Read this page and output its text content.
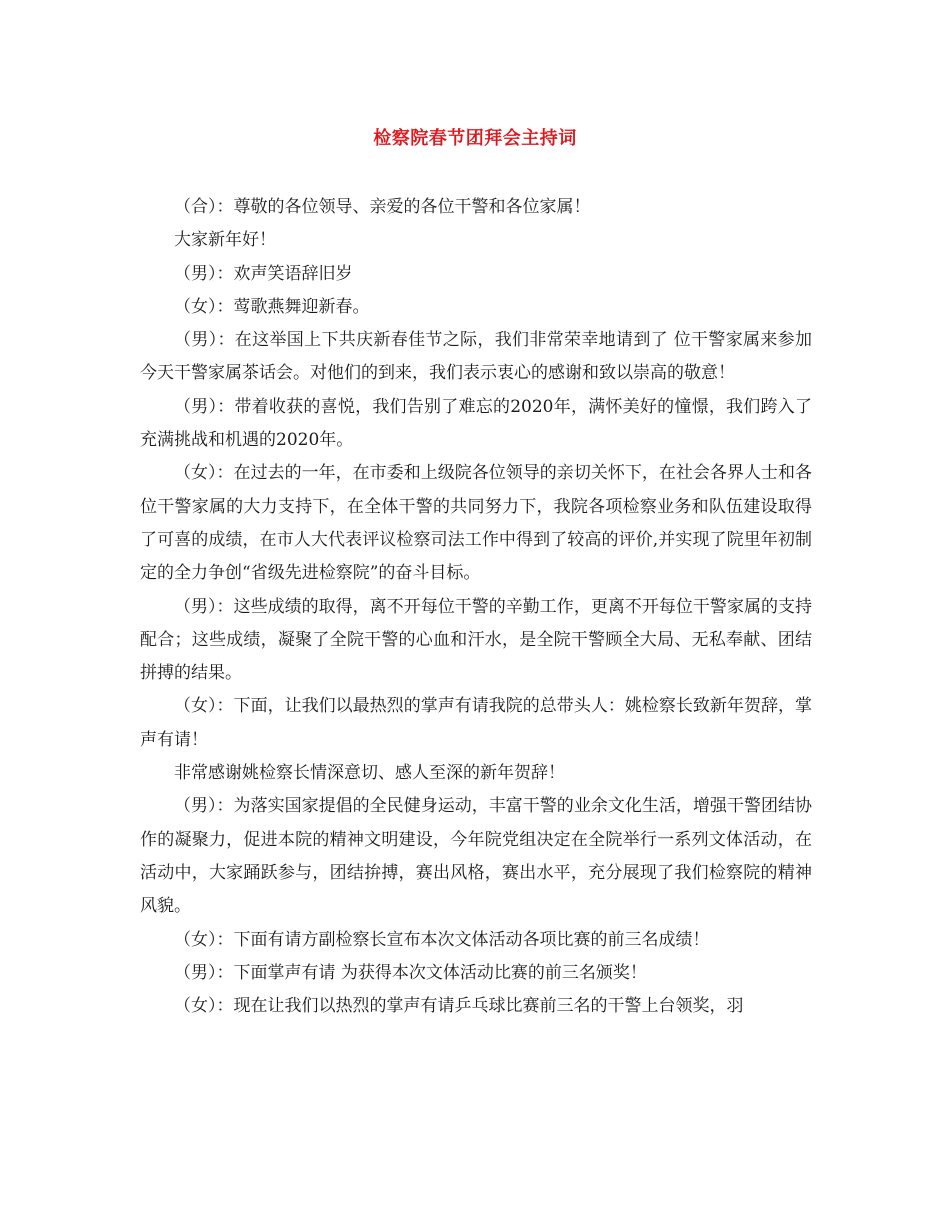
检察院春节团拜会主持词

（合）：尊敬的各位领导、亲爱的各位干警和各位家属！

大家新年好！

（男）：欢声笑语辞旧岁

（女）：莺歌燕舞迎新春。

（男）：在这举国上下共庆新春佳节之际，我们非常荣幸地请到了 位干警家属来参加今天干警家属茶话会。对他们的到来，我们表示衷心的感谢和致以崇高的敬意！

（男）：带着收获的喜悦，我们告别了难忘的2020年，满怀美好的憧憬，我们跨入了充满挑战和机遇的2020年。

（女）：在过去的一年，在市委和上级院各位领导的亲切关怀下，在社会各界人士和各位干警家属的大力支持下，在全体干警的共同努力下，我院各项检察业务和队伍建设取得了可喜的成绩，在市人大代表评议检察司法工作中得到了较高的评价,并实现了院里年初制定的全力争创“省级先进检察院”的奋斗目标。

（男）：这些成绩的取得，离不开每位干警的辛勤工作，更离不开每位干警家属的支持配合；这些成绩，凝聚了全院干警的心血和汗水，是全院干警顾全大局、无私奉献、团结拼搏的结果。

（女）：下面，让我们以最热烈的掌声有请我院的总带头人：姚检察长致新年贺辞，掌声有请！

非常感谢姚检察长情深意切、感人至深的新年贺辞！

（男）：为落实国家提倡的全民健身运动，丰富干警的业余文化生活，增强干警团结协作的凝聚力，促进本院的精神文明建设，今年院党组决定在全院举行一系列文体活动，在活动中，大家踊跃参与，团结拚搏，赛出风格，赛出水平，充分展现了我们检察院的精神风貌。

（女）：下面有请方副检察长宣布本次文体活动各项比赛的前三名成绩！

（男）：下面掌声有请 为获得本次文体活动比赛的前三名颁奖！

（女）：现在让我们以热烈的掌声有请乒乓球比赛前三名的干警上台领奖，羽
